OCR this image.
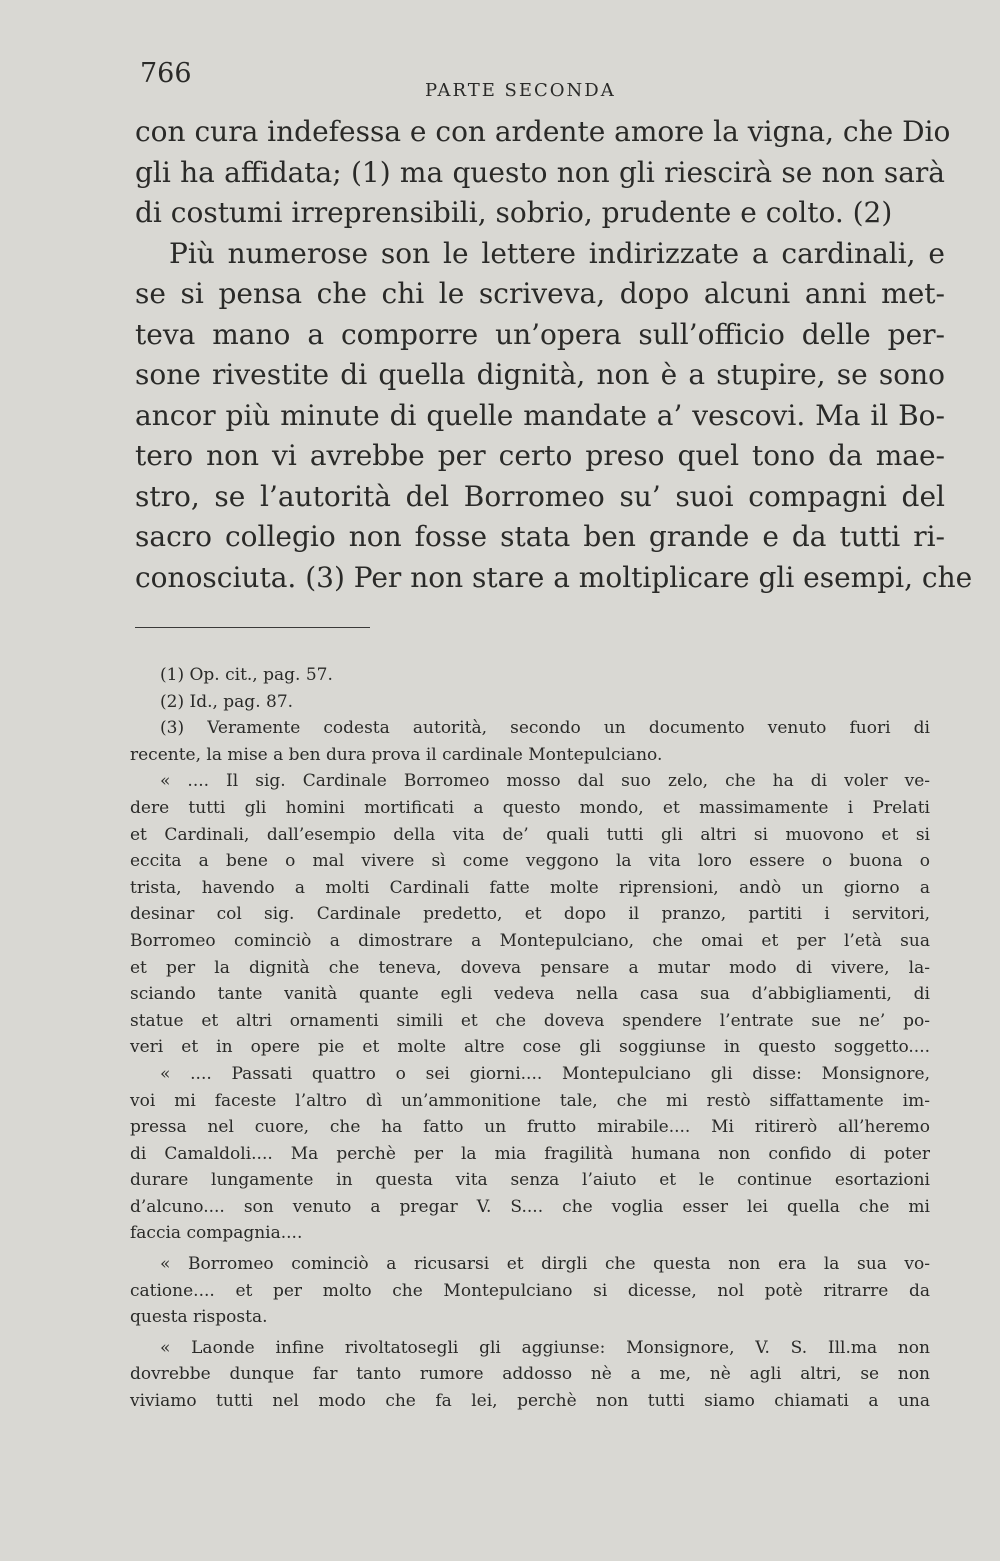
766
PARTE SECONDA
con cura indefessa e con ardente amore la vigna, che Dio
gli ha affidata; (1) ma questo non gli riescirà se non sarà
di costumi irreprensibili, sobrio, prudente e colto. (2)
Più numerose son le lettere indirizzate a cardinali, e
se si pensa che chi le scriveva, dopo alcuni anni met-
teva mano a comporre un’opera sull’officio delle per-
sone rivestite di quella dignità, non è a stupire, se sono
ancor più minute di quelle mandate a’ vescovi. Ma il Bo-
tero non vi avrebbe per certo preso quel tono da mae-
stro, se l’autorità del Borromeo su’ suoi compagni del
sacro collegio non fosse stata ben grande e da tutti ri-
conosciuta. (3) Per non stare a moltiplicare gli esempi, che
(1) Op. cit., pag. 57.
(2) Id., pag. 87.
(3) Veramente codesta autorità, secondo un documento venuto fuori di
recente, la mise a ben dura prova il cardinale Montepulciano.
« .... Il sig. Cardinale Borromeo mosso dal suo zelo, che ha di voler ve-
dere tutti gli homini mortificati a questo mondo, et massimamente i Prelati
et Cardinali, dall’esempio della vita de’ quali tutti gli altri si muovono et si
eccita a bene o mal vivere sì come veggono la vita loro essere o buona o
trista, havendo a molti Cardinali fatte molte riprensioni, andò un giorno a
desinar col sig. Cardinale predetto, et dopo il pranzo, partiti i servitori,
Borromeo cominciò a dimostrare a Montepulciano, che omai et per l’età sua
et per la dignità che teneva, doveva pensare a mutar modo di vivere, la-
sciando tante vanità quante egli vedeva nella casa sua d’abbigliamenti, di
statue et altri ornamenti simili et che doveva spendere l’entrate sue ne’ po-
veri et in opere pie et molte altre cose gli soggiunse in questo soggetto....
« .... Passati quattro o sei giorni.... Montepulciano gli disse: Monsignore,
voi mi faceste l’altro dì un’ammonitione tale, che mi restò siffattamente im-
pressa nel cuore, che ha fatto un frutto mirabile.... Mi ritirerò all’heremo
di Camaldoli.... Ma perchè per la mia fragilità humana non confido di poter
durare lungamente in questa vita senza l’aiuto et le continue esortazioni
d’alcuno.... son venuto a pregar V. S.... che voglia esser lei quella che mi
faccia compagnia....
« Borromeo cominciò a ricusarsi et dirgli che questa non era la sua vo-
catione.... et per molto che Montepulciano si dicesse, nol potè ritrarre da
questa risposta.
« Laonde infine rivoltatosegli gli aggiunse: Monsignore, V. S. Ill.ma non
dovrebbe dunque far tanto rumore addosso nè a me, nè agli altri, se non
viviamo tutti nel modo che fa lei, perchè non tutti siamo chiamati a una
